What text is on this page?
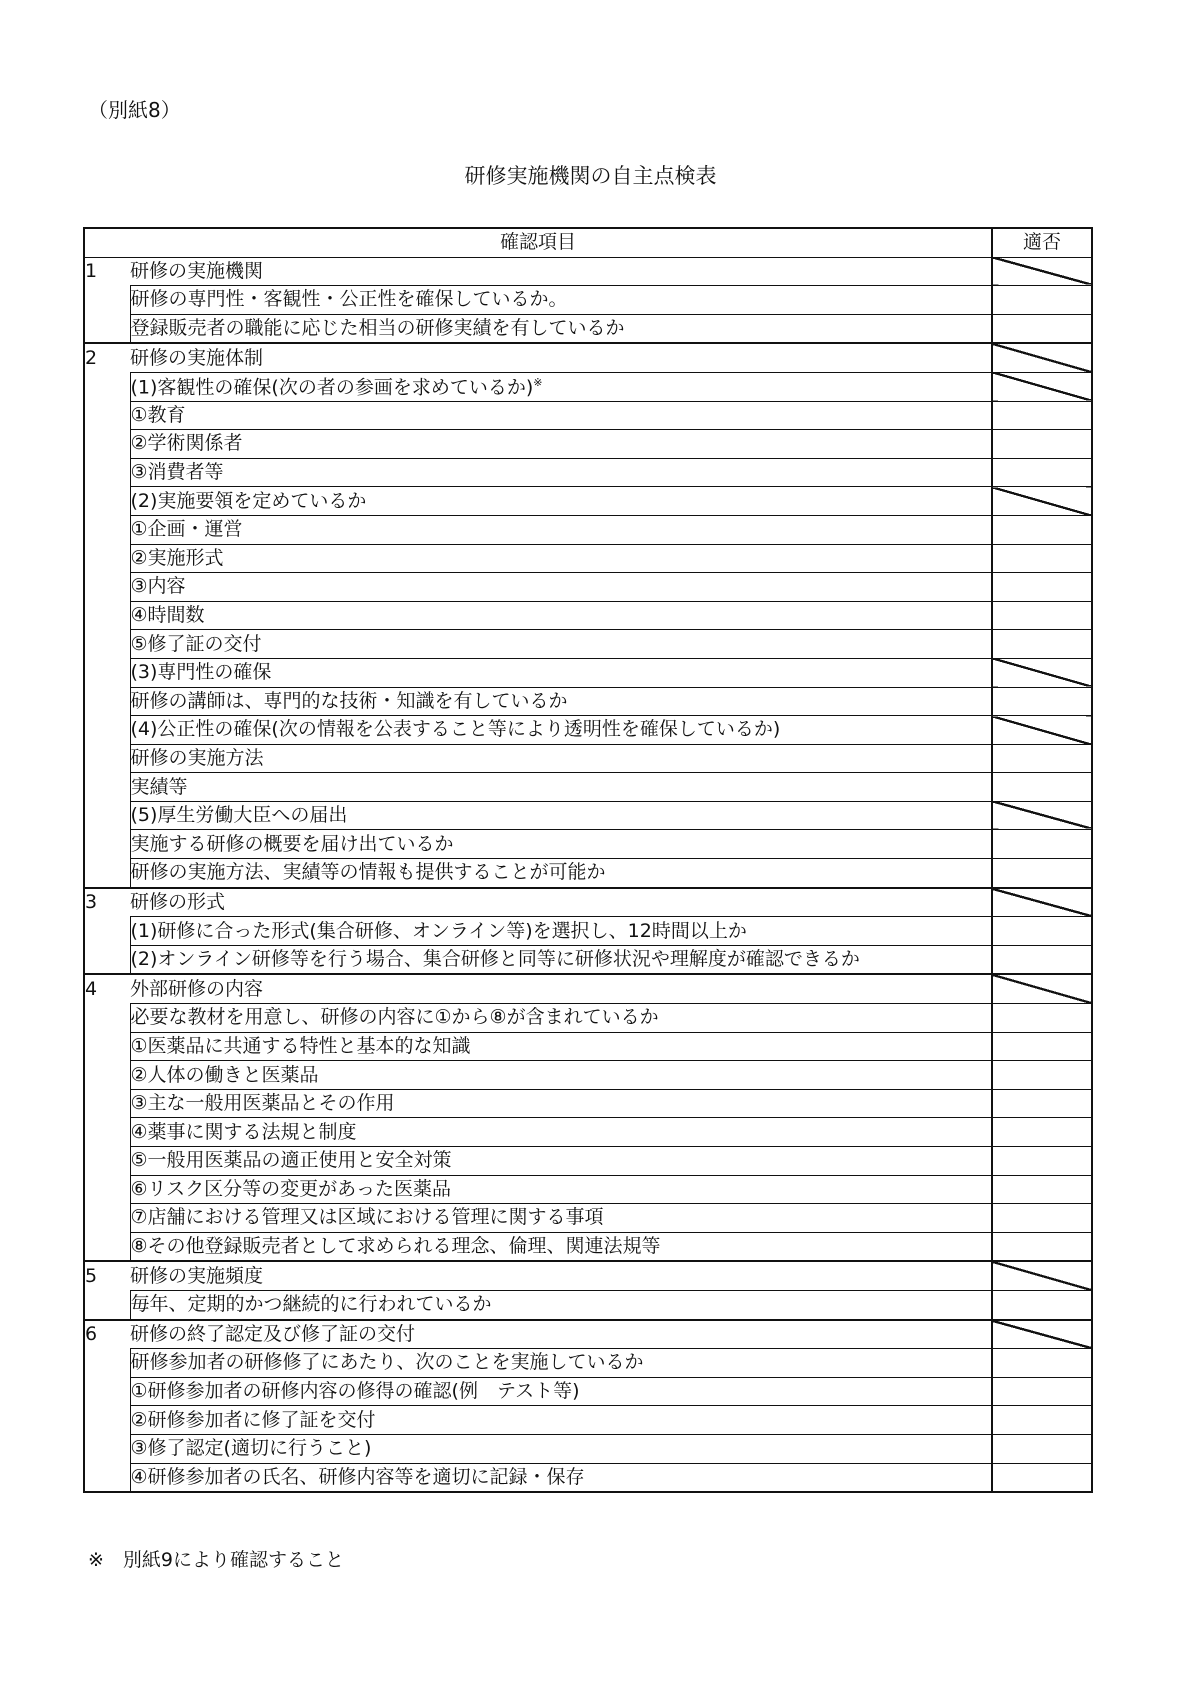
（別紙8）
研修実施機関の自主点検表
確認項目		適否
1	研修の実施機関	
	研修の専門性・客観性・公正性を確保しているか。	
	登録販売者の職能に応じた相当の研修実績を有しているか	
2	研修の実施体制	
	(1)客観性の確保(次の者の参画を求めているか)※	
	①教育	
	②学術関係者	
	③消費者等	
	(2)実施要領を定めているか	
	①企画・運営	
	②実施形式	
	③内容	
	④時間数	
	⑤修了証の交付	
	(3)専門性の確保	
	研修の講師は、専門的な技術・知識を有しているか	
	(4)公正性の確保(次の情報を公表すること等により透明性を確保しているか)	
	研修の実施方法	
	実績等	
	(5)厚生労働大臣への届出	
	実施する研修の概要を届け出ているか	
	研修の実施方法、実績等の情報も提供することが可能か	
3	研修の形式	
	(1)研修に合った形式(集合研修、オンライン等)を選択し、12時間以上か	
	(2)オンライン研修等を行う場合、集合研修と同等に研修状況や理解度が確認できるか	
4	外部研修の内容	
	必要な教材を用意し、研修の内容に①から⑧が含まれているか	
	①医薬品に共通する特性と基本的な知識	
	②人体の働きと医薬品	
	③主な一般用医薬品とその作用	
	④薬事に関する法規と制度	
	⑤一般用医薬品の適正使用と安全対策	
	⑥リスク区分等の変更があった医薬品	
	⑦店舗における管理又は区域における管理に関する事項	
	⑧その他登録販売者として求められる理念、倫理、関連法規等	
5	研修の実施頻度	
	毎年、定期的かつ継続的に行われているか	
6	研修の終了認定及び修了証の交付	
	研修参加者の研修修了にあたり、次のことを実施しているか	
	①研修参加者の研修内容の修得の確認(例　テスト等)	
	②研修参加者に修了証を交付	
	③修了認定(適切に行うこと)	
	④研修参加者の氏名、研修内容等を適切に記録・保存	
※　別紙9により確認すること
